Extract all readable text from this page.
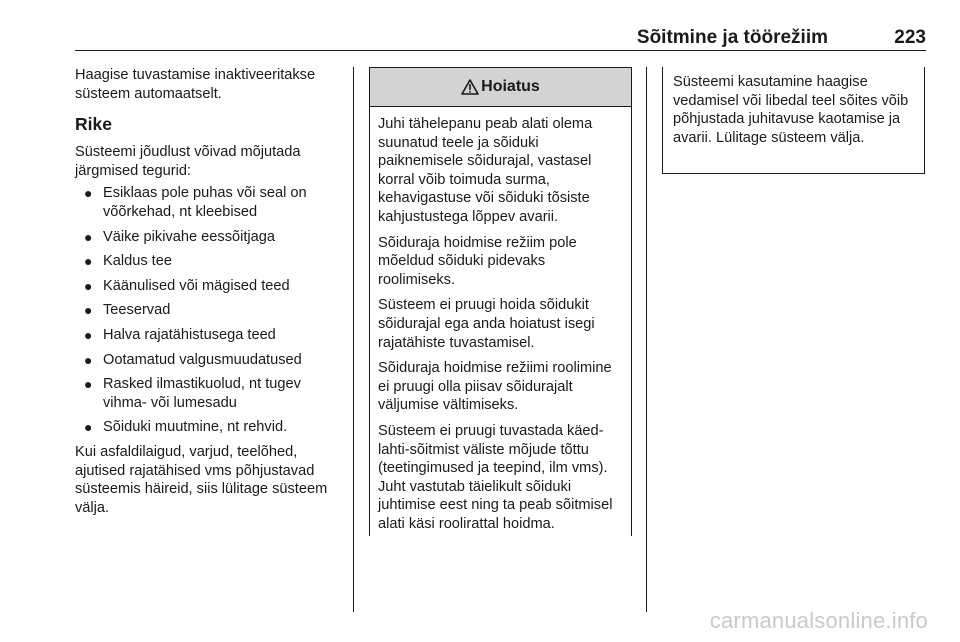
Sõitmine ja töörežiim	223

Haagise tuvastamise inaktiveeritakse süsteem automaatselt.

Rike

Süsteemi jõudlust võivad mõjutada järgmised tegurid:

● Esiklaas pole puhas või seal on võõrkehad, nt kleebised
● Väike pikivahe eessõitjaga
● Kaldus tee
● Käänulised või mägised teed
● Teeservad
● Halva rajatähistusega teed
● Ootamatud valgusmuudatused
● Rasked ilmastikuolud, nt tugev vihma- või lumesadu
● Sõiduki muutmine, nt rehvid.

Kui asfaldilaigud, varjud, teelõhed, ajutised rajatähised vms põhjustavad süsteemis häireid, siis lülitage süsteem välja.

Hoiatus

Juhi tähelepanu peab alati olema suunatud teele ja sõiduki paiknemisele sõidurajal, vastasel korral võib toimuda surma, kehavigastuse või sõiduki tõsiste kahjustustega lõppev avarii.

Sõiduraja hoidmise režiim pole mõeldud sõiduki pidevaks roolimiseks.

Süsteem ei pruugi hoida sõidukit sõidurajal ega anda hoiatust isegi rajatähiste tuvastamisel.

Sõiduraja hoidmise režiimi roolimine ei pruugi olla piisav sõidurajalt väljumise vältimiseks.

Süsteem ei pruugi tuvastada käed-lahti-sõitmist väliste mõjude tõttu (teetingimused ja teepind, ilm vms). Juht vastutab täielikult sõiduki juhtimise eest ning ta peab sõitmisel alati käsi roolirattal hoidma.

Süsteemi kasutamine haagise vedamisel või libedal teel sõites võib põhjustada juhitavuse kaotamise ja avarii. Lülitage süsteem välja.

carmanualsonline.info
